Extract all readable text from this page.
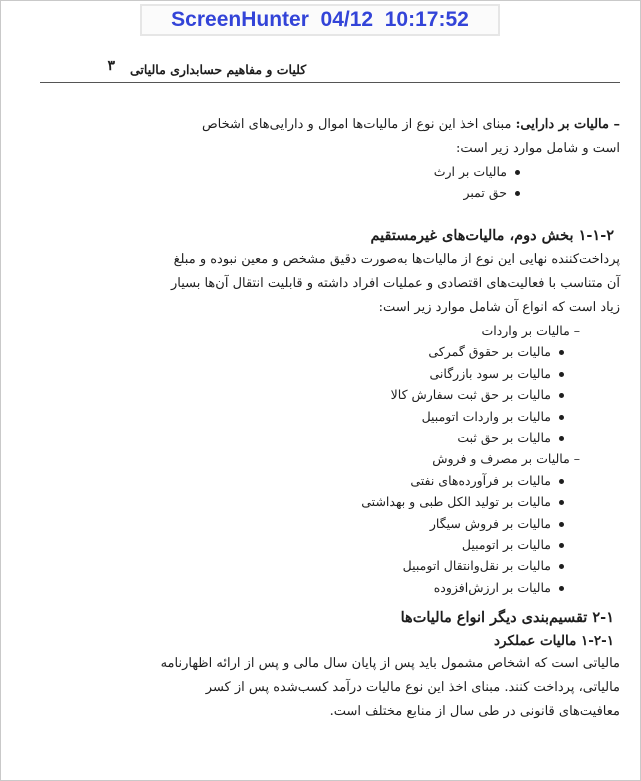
ScreenHunter  04/12  10:17:52
کلیات و مفاهیم حسابداری مالیاتی
۳

– مالیات بر دارایی: مبنای اخذ این نوع از مالیات‌ها اموال و دارایی‌های اشخاص

است و شامل موارد زیر است:

مالیات بر ارث
حق تمبر

۱-۱-۲ بخش دوم، مالیات‌های غیرمستقیم

پرداخت‌کننده نهایی این نوع از مالیات‌ها به‌صورت دقیق مشخص و معین نبوده و مبلغ

آن متناسب با فعالیت‌های اقتصادی و عملیات افراد داشته و قابلیت انتقال آن‌ها بسیار

زیاد است که انواع آن شامل موارد زیر است:

– مالیات بر واردات
مالیات بر حقوق گمرکی
مالیات بر سود بازرگانی
مالیات بر حق ثبت سفارش کالا
مالیات بر واردات اتومبیل
مالیات بر حق ثبت
– مالیات بر مصرف و فروش
مالیات بر فرآورده‌های نفتی
مالیات بر تولید الکل طبی و بهداشتی
مالیات بر فروش سیگار
مالیات بر اتومبیل
مالیات بر نقل‌وانتقال اتومبیل
مالیات بر ارزش‌افزوده

۲-۱ تقسیم‌بندی دیگر انواع مالیات‌ها

۱-۲-۱ مالیات عملکرد

مالیاتی است که اشخاص مشمول باید پس از پایان سال مالی و پس از ارائه اظهارنامه

مالیاتی، پرداخت کنند. مبنای اخذ این نوع مالیات درآمد کسب‌شده پس از کسر

معافیت‌های قانونی در طی سال از منابع مختلف است.
